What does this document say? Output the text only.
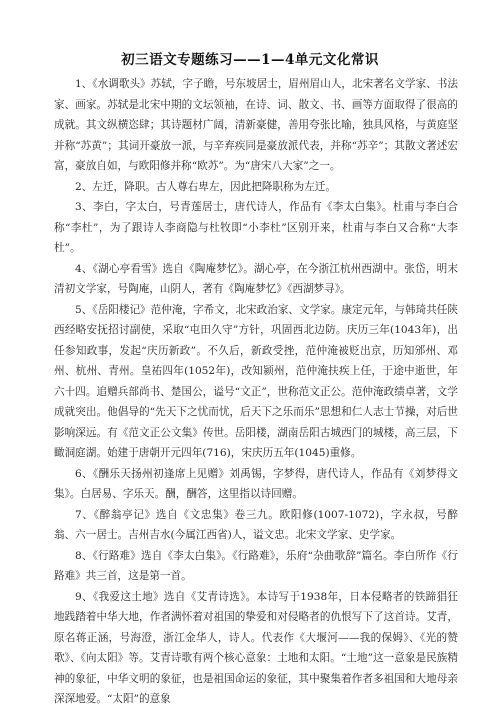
初三语文专题练习——1—4单元文化常识

1、《水调歌头》苏轼，字子瞻，号东坡居士，眉州眉山人，北宋著名文学家、书法家、画家。苏轼是北宋中期的文坛领袖，在诗、词、散文、书、画等方面取得了很高的成就。其文纵横恣肆；其诗题材广阔，清新豪健，善用夸张比喻，独具风格，与黄庭坚并称“苏黄”；其词开豪放一派，与辛弃疾同是豪放派代表，并称“苏辛”；其散文著述宏富，豪放自如，与欧阳修并称“欧苏”。为“唐宋八大家”之一。

2、左迁，降职。古人尊右卑左，因此把降职称为左迁。

3、李白，字太白，号青莲居士，唐代诗人，作品有《李太白集》。杜甫与李白合称“李杜”，为了跟诗人李商隐与杜牧即“小李杜”区别开来，杜甫与李白又合称“大李杜”。

4、《湖心亭看雪》选自《陶庵梦忆》。湖心亭，在今浙江杭州西湖中。张岱，明末清初文学家，号陶庵，山阴人，著有《陶庵梦忆》《西湖梦寻》。

5、《岳阳楼记》范仲淹，字希文，北宋政治家、文学家。康定元年，与韩琦共任陕西经略安抚招讨副使，采取“屯田久守”方针，巩固西北边防。庆历三年(1043年)，出任参知政事，发起“庆历新政”。不久后，新政受挫，范仲淹被贬出京，历知邠州、邓州、杭州、青州。皇祐四年(1052年)，改知颍州，范仲淹扶疾上任，于途中逝世，年六十四。追赠兵部尚书、楚国公，谥号“文正”，世称范文正公。范仲淹政绩卓著，文学成就突出。他倡导的“先天下之忧而忧，后天下之乐而乐”思想和仁人志士节操，对后世影响深远。有《范文正公文集》传世。岳阳楼，湖南岳阳古城西门的城楼，高三层，下瞰洞庭湖。始建于唐朝开元四年(716)，宋庆历五年(1045)重修。

6、《酬乐天扬州初逢席上见赠》刘禹锡，字梦得，唐代诗人，作品有《刘梦得文集》。白居易、字乐天。酬，酬答，这里指以诗回赠。

7、《醉翁亭记》选自《文忠集》卷三九。欧阳修(1007-1072)，字永叔，号醉翁、六一居士。吉州吉水(今属江西省)人，谥文忠。北宋文学家、史学家。

8、《行路难》选自《李太白集》。《行路难》，乐府“杂曲歌辞”篇名。李白所作《行路难》共三首，这是第一首。

9、《我爱这土地》选自《艾青诗选》。本诗写于1938年，日本侵略者的铁蹄猖狂地践踏着中华大地，作者满怀着对祖国的挚爱和对侵略者的仇恨写下了这首诗。艾青，原名蒋正涵，号海澄，浙江金华人，诗人。代表作《大堰河——我的保姆》、《光的赞歌》、《向太阳》等。艾青诗歌有两个核心意象：土地和太阳。“土地”这一意象是民族精神的象征，中华文明的象征，也是祖国命运的象征，其中聚集着作者多祖国和大地母亲深深地爱。“太阳”的意象
